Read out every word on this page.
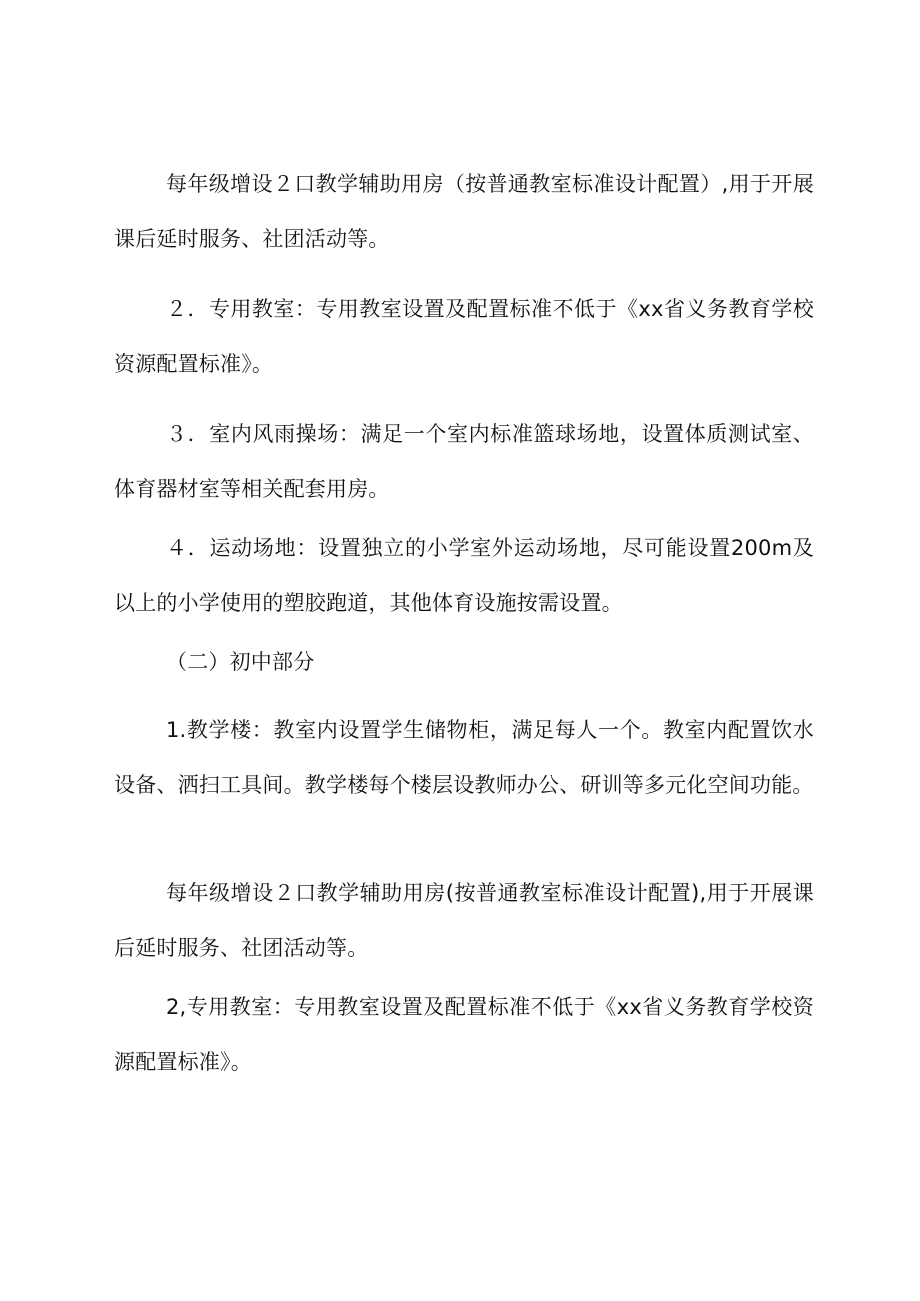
每年级增设２口教学辅助用房（按普通教室标准设计配置）,用于开展课后延时服务、社团活动等。

２．专用教室：专用教室设置及配置标准不低于《xx省义务教育学校资源配置标准》。

３．室内风雨操场：满足一个室内标准篮球场地，设置体质测试室、体育器材室等相关配套用房。

４．运动场地：设置独立的小学室外运动场地，尽可能设置200m及以上的小学使用的塑胶跑道，其他体育设施按需设置。

（二）初中部分

1.教学楼：教室内设置学生储物柜，满足每人一个。教室内配置饮水设备、洒扫工具间。教学楼每个楼层设教师办公、研训等多元化空间功能。

每年级增设２口教学辅助用房(按普通教室标准设计配置),用于开展课后延时服务、社团活动等。

2,专用教室：专用教室设置及配置标准不低于《xx省义务教育学校资源配置标准》。
